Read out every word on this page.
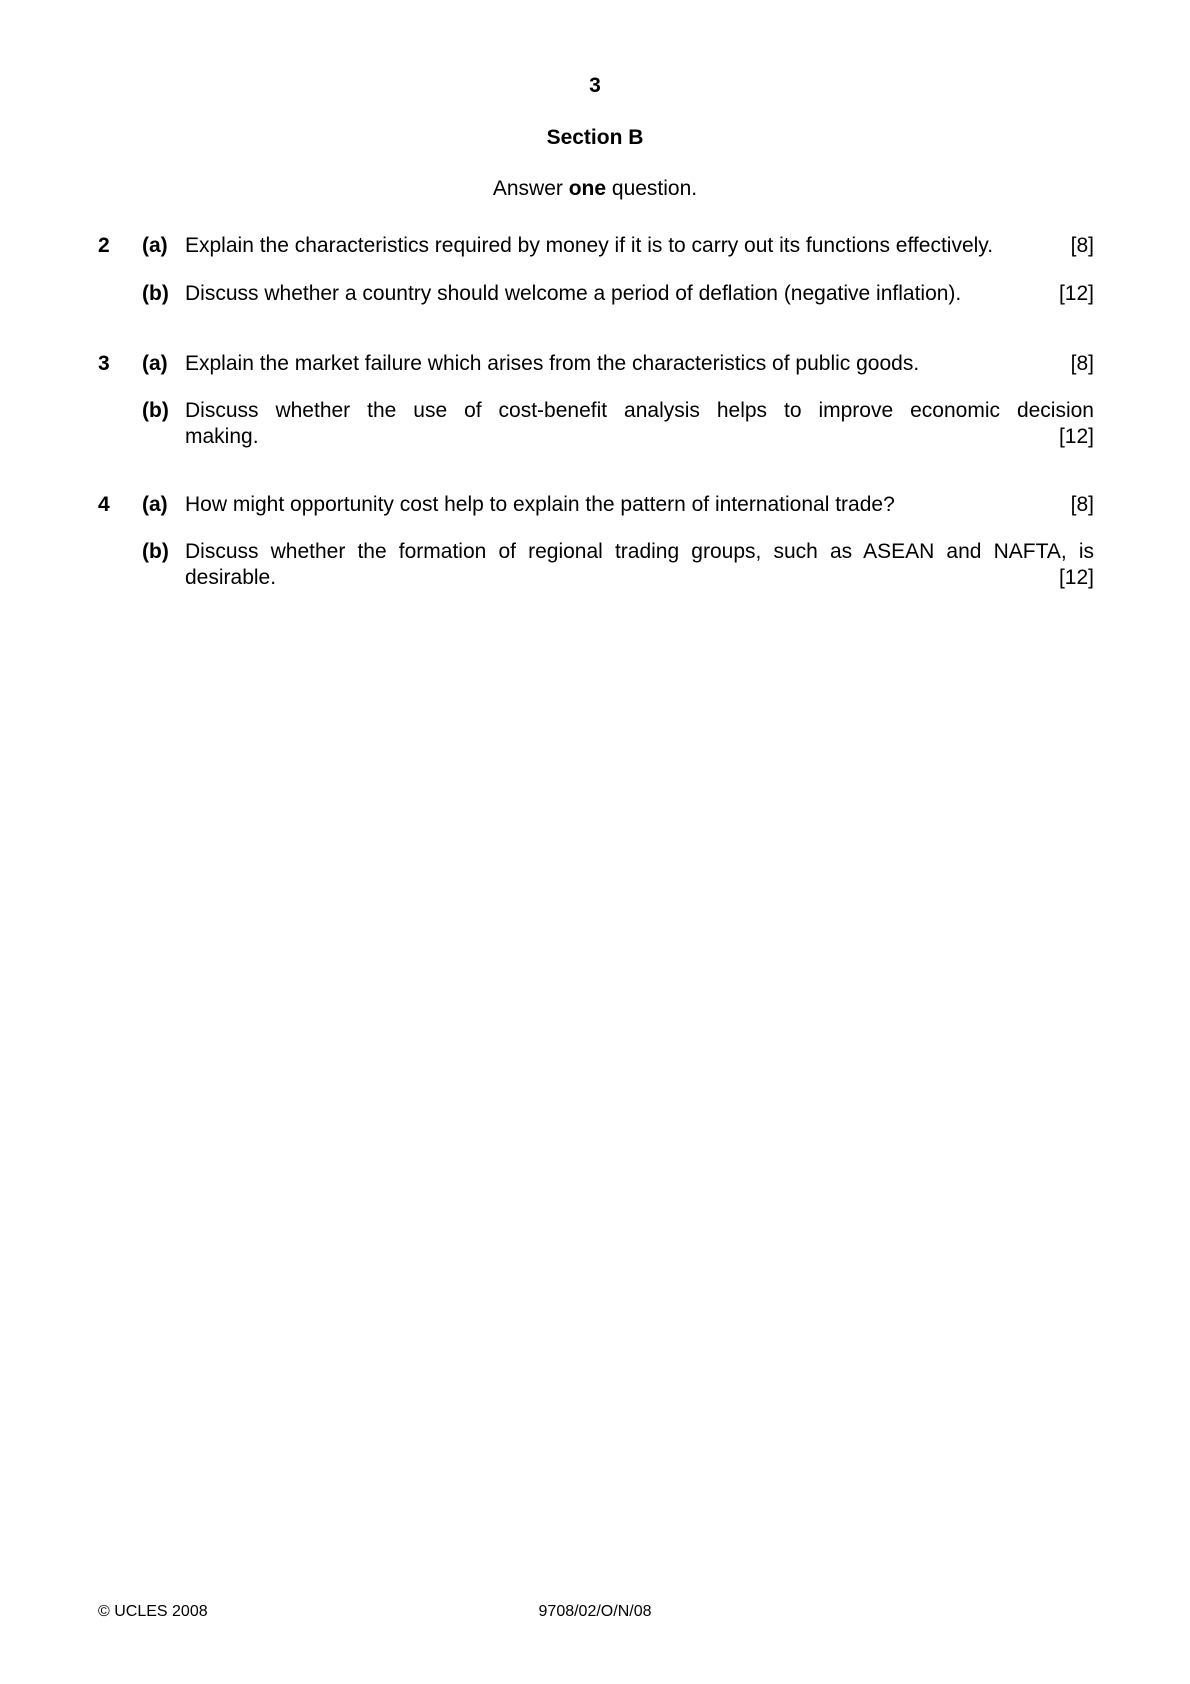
3
Section B
Answer one question.
2 (a) Explain the characteristics required by money if it is to carry out its functions effectively.	[8]
(b) Discuss whether a country should welcome a period of deflation (negative inflation).	[12]
3 (a) Explain the market failure which arises from the characteristics of public goods.	[8]
(b) Discuss whether the use of cost-benefit analysis helps to improve economic decision
making.	[12]
4 (a) How might opportunity cost help to explain the pattern of international trade?	[8]
(b) Discuss whether the formation of regional trading groups, such as ASEAN and NAFTA, is
desirable.	[12]
© UCLES 2008	9708/02/O/N/08
